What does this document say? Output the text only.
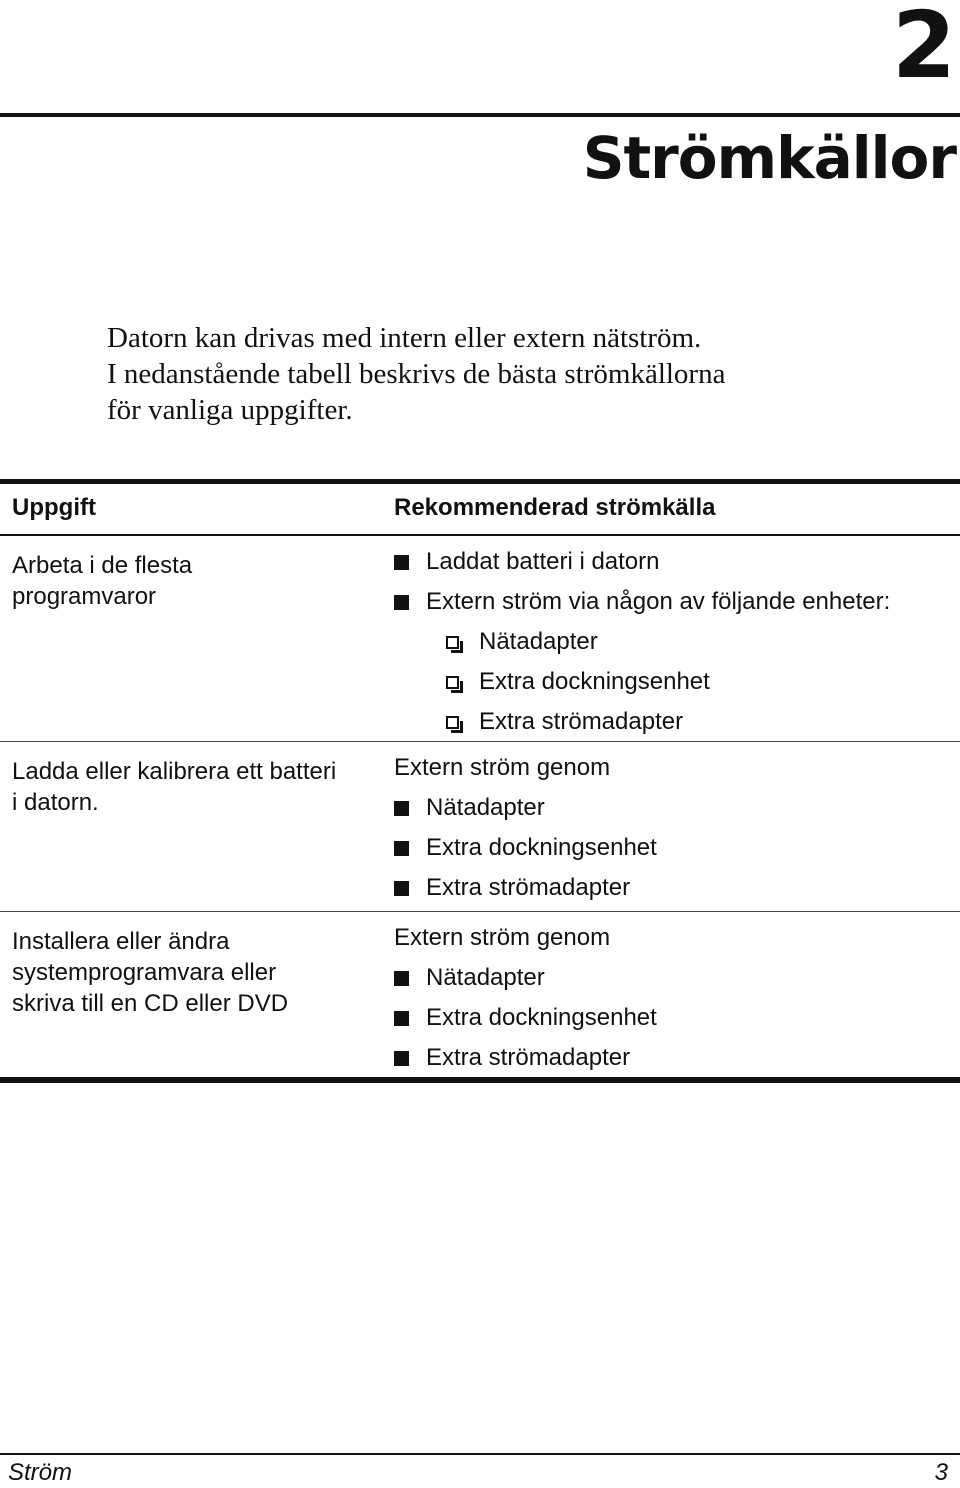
2
Strömkällor

Datorn kan drivas med intern eller extern nätström.

I nedanstående tabell beskrivs de bästa strömkällorna

för vanliga uppgifter.

Uppgift	Rekommenderad strömkälla
Arbeta i de flesta
programvaror
Laddat batteri i datorn
Extern ström via någon av följande enheter:
Nätadapter
Extra dockningsenhet
Extra strömadapter
Ladda eller kalibrera ett batteri
i datorn.
Extern ström genom
Nätadapter
Extra dockningsenhet
Extra strömadapter
Installera eller ändra
systemprogramvara eller
skriva till en CD eller DVD
Extern ström genom
Nätadapter
Extra dockningsenhet
Extra strömadapter
Ström	3
